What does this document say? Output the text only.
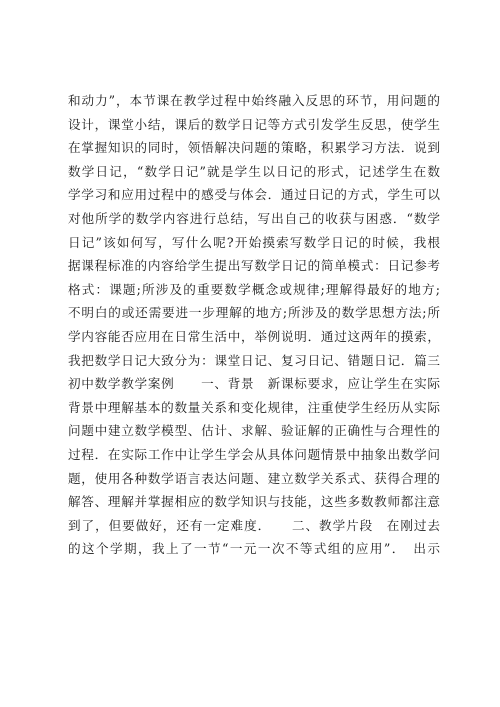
和动力”，本节课在教学过程中始终融入反思的环节，用问题的
设计，课堂小结，课后的数学日记等方式引发学生反思，使学生
在掌握知识的同时，领悟解决问题的策略，积累学习方法．说到
数学日记，“数学日记”就是学生以日记的形式，记述学生在数
学学习和应用过程中的感受与体会．通过日记的方式，学生可以
对他所学的数学内容进行总结，写出自己的收获与困惑．“数学
日记”该如何写，写什么呢?开始摸索写数学日记的时候，我根
据课程标准的内容给学生提出写数学日记的简单模式：日记参考
格式：课题;所涉及的重要数学概念或规律;理解得最好的地方;
不明白的或还需要进一步理解的地方;所涉及的数学思想方法;所
学内容能否应用在日常生活中，举例说明．通过这两年的摸索，
我把数学日记大致分为：课堂日记、复习日记、错题日记．篇三
初中数学教学案例　　一、背景　新课标要求，应让学生在实际
背景中理解基本的数量关系和变化规律，注重使学生经历从实际
问题中建立数学模型、估计、求解、验证解的正确性与合理性的
过程．在实际工作中让学生学会从具体问题情景中抽象出数学问
题，使用各种数学语言表达问题、建立数学关系式、获得合理的
解答、理解并掌握相应的数学知识与技能，这些多数教师都注意
到了，但要做好，还有一定难度．　　二、教学片段　在刚过去
的这个学期，我上了一节“一元一次不等式组的应用”．　出示
